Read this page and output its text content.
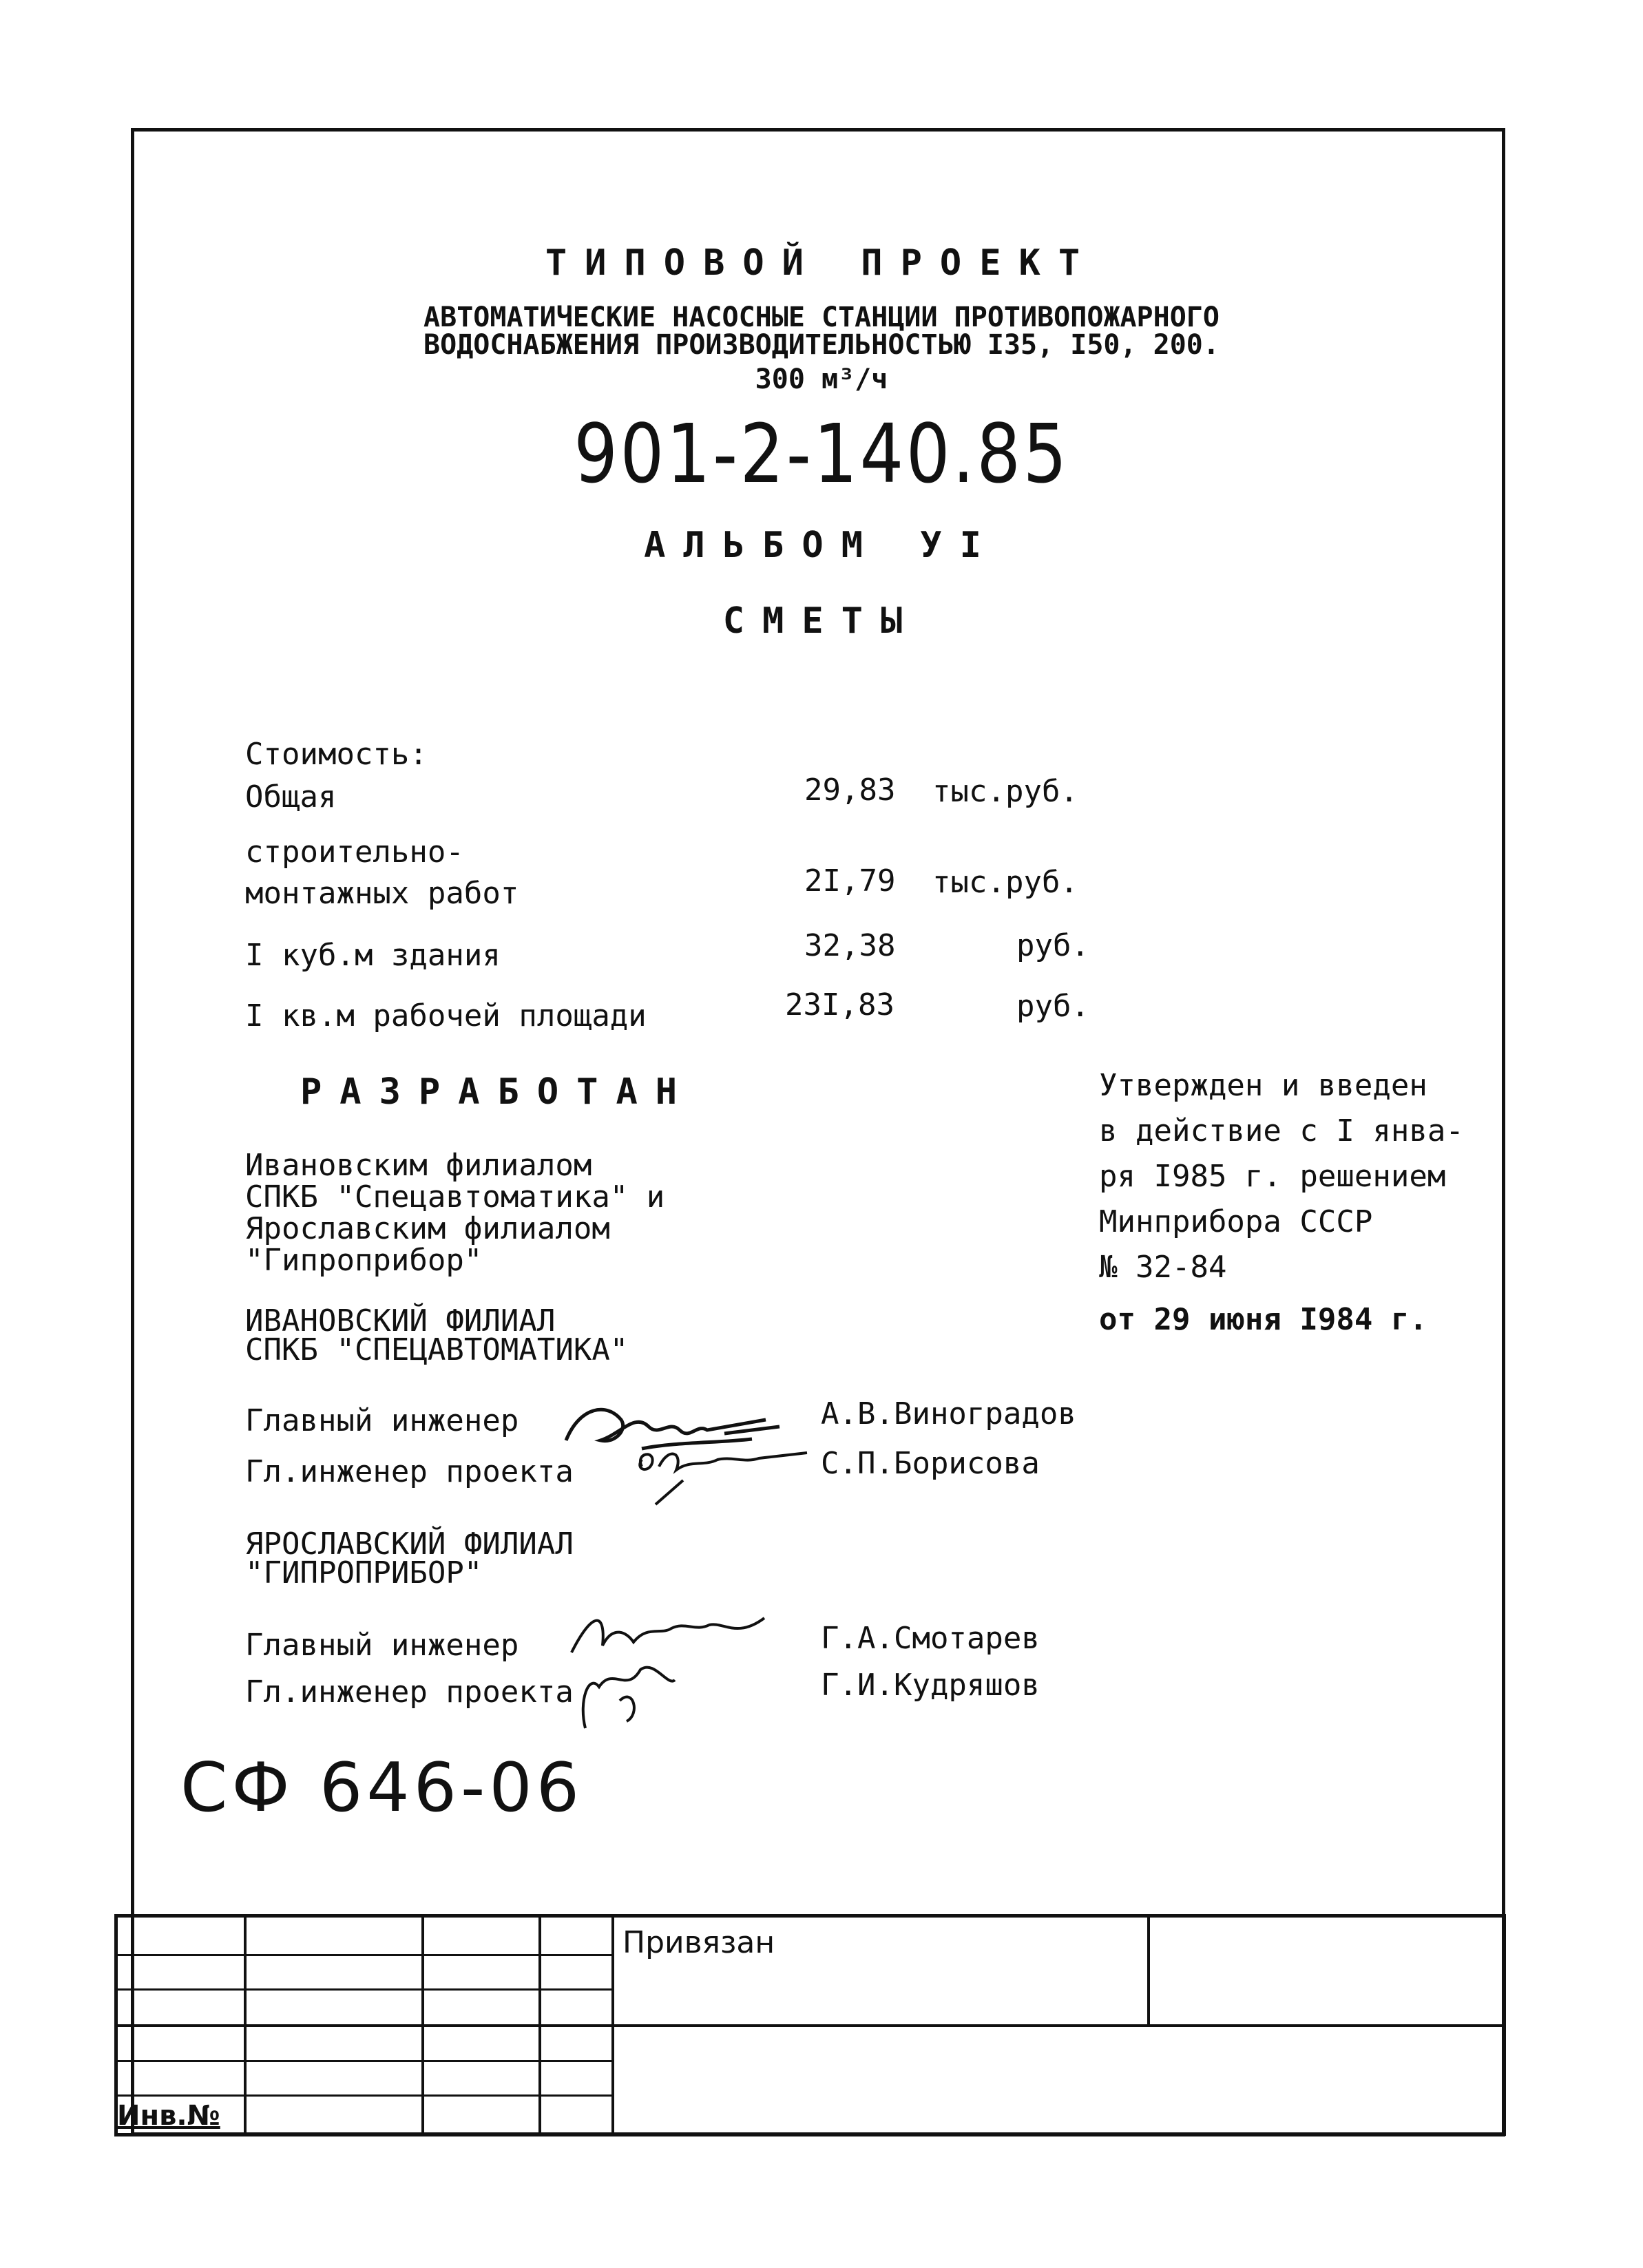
ТИПОВОЙ ПРОЕКТ
АВТОМАТИЧЕСКИЕ НАСОСНЫЕ СТАНЦИИ ПРОТИВОПОЖАРНОГО
ВОДОСНАБЖЕНИЯ ПРОИЗВОДИТЕЛЬНОСТЬЮ I35, I50, 200.
300 м³/ч
901-2-140.85
АЛЬБОМ УІ
СМЕТЫ
Стоимость:
Общая	29,83 тыс.руб.
строительно-
монтажных работ	2I,79 тыс.руб.
I куб.м здания	32,38	руб.
I кв.м рабочей площади	23I,83	руб.
РАЗРАБОТАН
Ивановским филиалом
СПКБ "Спецавтоматика" и
Ярославским филиалом
"Гипроприбор"
Утвержден и введен
в действие с I янва-
ря I985 г. решением
Минприбора СССР
№ 32-84
от 29 июня I984 г.
ИВАНОВСКИЙ ФИЛИАЛ
СПКБ "СПЕЦАВТОМАТИКА"
Главный инженер	А.В.Виноградов
Гл.инженер проекта	С.П.Борисова
ЯРОСЛАВСКИЙ ФИЛИАЛ
"ГИПРОПРИБОР"
Главный инженер	Г.А.Смотарев
Гл.инженер проекта	Г.И.Кудряшов
СФ 646-06
Привязан
Инв.№
